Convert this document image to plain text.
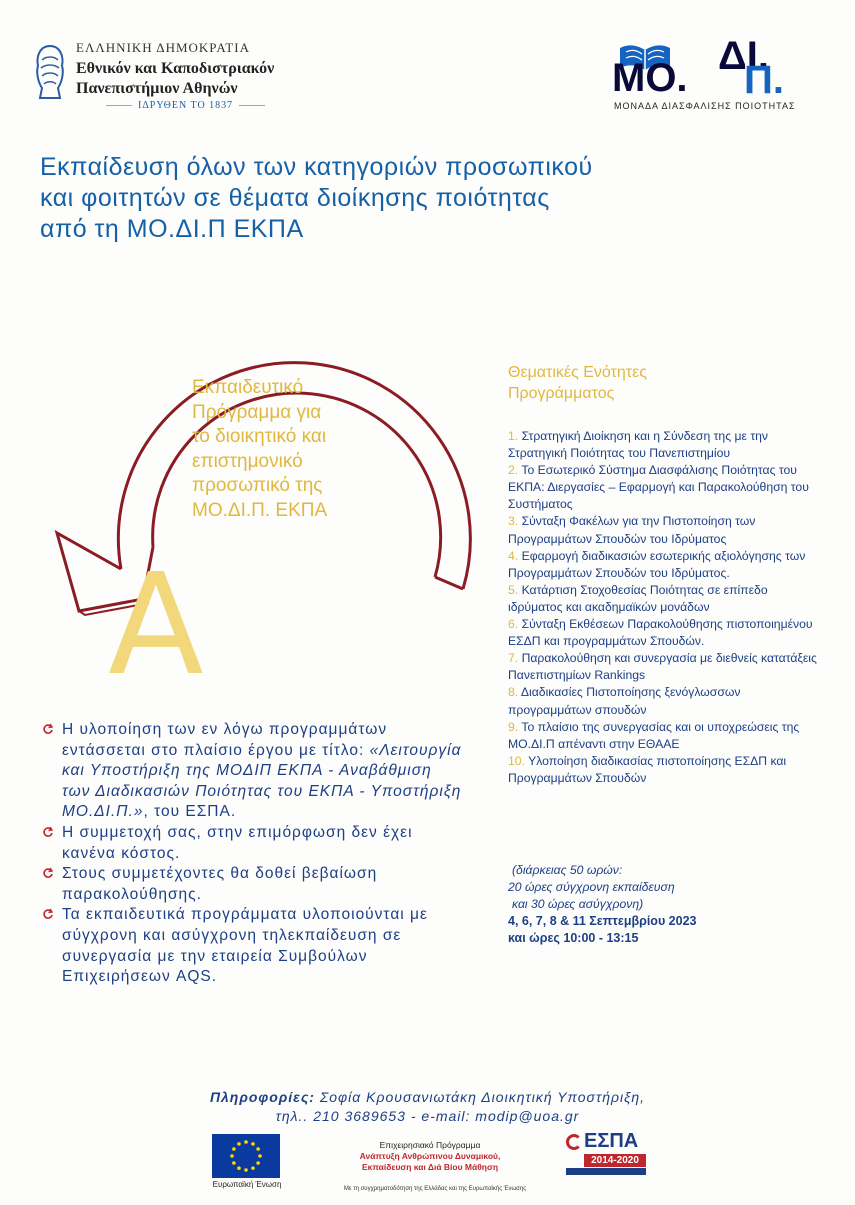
ΕΛΛΗΝΙΚΗ ΔΗΜΟΚΡΑΤΙΑ
Εθνικόν και Καποδιστριακόν
Πανεπιστήμιον Αθηνών
ΙΔΡΥΘΕΝ ΤΟ 1837
ΔΙ.
ΜΟ. Π.
ΜΟΝΑΔΑ ΔΙΑΣΦΑΛΙΣΗΣ ΠΟΙΟΤΗΤΑΣ
Εκπαίδευση όλων των κατηγοριών προσωπικού
και φοιτητών σε θέματα διοίκησης ποιότητας
από τη ΜΟ.ΔΙ.Π ΕΚΠΑ
Εκπαιδευτικό
Πρόγραμμα για
το διοικητικό και
επιστημονικό
προσωπικό της
ΜΟ.ΔΙ.Π. ΕΚΠΑ
Α
Θεματικές Ενότητες
Προγράμματος
1. Στρατηγική Διοίκηση και η Σύνδεση της με την Στρατηγική Ποιότητας του Πανεπιστημίου
2. Το Εσωτερικό Σύστημα Διασφάλισης Ποιότητας του ΕΚΠΑ: Διεργασίες – Εφαρμογή και Παρακολούθηση του Συστήματος
3. Σύνταξη Φακέλων για την Πιστοποίηση των Προγραμμάτων Σπουδών του Ιδρύματος
4. Εφαρμογή διαδικασιών εσωτερικής αξιολόγησης των Προγραμμάτων Σπουδών του Ιδρύματος.
5. Κατάρτιση Στοχοθεσίας Ποιότητας σε επίπεδο ιδρύματος και ακαδημαϊκών μονάδων
6. Σύνταξη Εκθέσεων Παρακολούθησης πιστοποιημένου ΕΣΔΠ και προγραμμάτων Σπουδών.
7. Παρακολούθηση και συνεργασία με διεθνείς κατατάξεις Πανεπιστημίων Rankings
8. Διαδικασίες Πιστοποίησης ξενόγλωσσων προγραμμάτων σπουδών
9. Το πλαίσιο της συνεργασίας και οι υποχρεώσεις της ΜΟ.ΔΙ.Π απέναντι στην ΕΘΑΑΕ
10. Υλοποίηση διαδικασίας πιστοποίησης ΕΣΔΠ και Προγραμμάτων Σπουδών
(διάρκειας 50 ωρών:
20 ώρες σύγχρονη εκπαίδευση
και 30 ώρες ασύγχρονη)
4, 6, 7, 8 & 11 Σεπτεμβρίου 2023
και ώρες 10:00 - 13:15
Η υλοποίηση των εν λόγω προγραμμάτων εντάσσεται στο πλαίσιο έργου με τίτλο: «Λειτουργία και Υποστήριξη της ΜΟΔΙΠ ΕΚΠΑ - Αναβάθμιση των Διαδικασιών Ποιότητας του ΕΚΠΑ - Υποστήριξη ΜΟ.ΔΙ.Π.», του ΕΣΠΑ.
Η συμμετοχή σας, στην επιμόρφωση δεν έχει κανένα κόστος.
Στους συμμετέχοντες θα δοθεί βεβαίωση παρακολούθησης.
Τα εκπαιδευτικά προγράμματα υλοποιούνται με σύγχρονη και ασύγχρονη τηλεκπαίδευση σε συνεργασία με την εταιρεία Συμβούλων Επιχειρήσεων AQS.
Πληροφορίες: Σοφία Κρουσανιωτάκη Διοικητική Υποστήριξη,
τηλ.. 210 3689653 - e-mail: modip@uoa.gr
Ευρωπαϊκή Ένωση
Επιχειρησιακό Πρόγραμμα
Ανάπτυξη Ανθρώπινου Δυναμικού,
Εκπαίδευση και Διά Βίου Μάθηση
Με τη συγχρηματοδότηση της Ελλάδας και της Ευρωπαϊκής Ένωσης
ΕΣΠΑ
2014-2020
